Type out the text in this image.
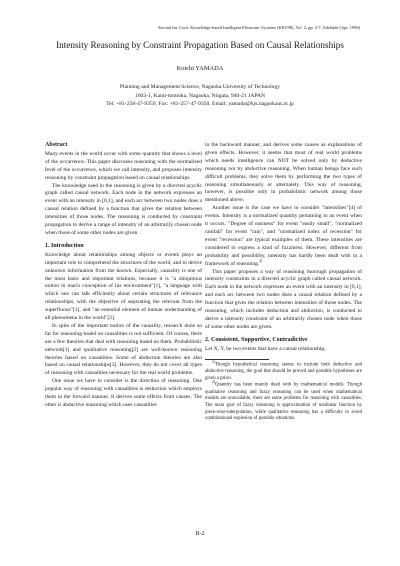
Second Int. Conf. Knowledge-based Intelligent Electronic Systems (KES'98), Vol. 2, pp. 2-7, Adelaide (Apr. 1998)
Intensity Reasoning by Constraint Propagation Based on Causal Relationships
Koichi YAMADA
Planning and Management Science, Nagaoka University of Technology
1603-1, Kami-tomioka, Nagaoka, Niigata, 940-21 JAPAN
Tel: +81-258-47-9359, Fax: +81-257-47-9350, Email: yamada@kjs.nagaokaut.ac.jp
Abstract

Many events in the world occur with some quantity that shows a level of the occurrence. This paper discusses reasoning with the normalized level of the occurrence, which we call intensity, and proposes intensity reasoning by constraint propagation based on causal relationships.

The knowledge used in the reasoning is given by a directed acyclic graph called causal network. Each node in the network expresses an event with an intensity in [0,1], and each arc between two nodes does a causal relation defined by a function that gives the relation between intensities of those nodes. The reasoning is conducted by constraint propagation to derive a range of intensity of an arbitrarily chosen node when those of some other nodes are given.

1. Introduction

Knowledge about relationships among objects or events plays an important role to comprehend the structures of the world, and to derive unknown information from the known. Especially, causality is one of the most basic and important relations, because it is "a ubiquitous notion in man's conception of his environment"[1], "a language with which one can talk efficiently about certain structures of relevance relationships, with the objective of separating the relevant from the superfluous"[1], and "an essential element of human understanding of all phenomena in the world"[2].

In spite of the important notion of the causality, research done so far for reasoning based on causalities is not sufficient. Of course, there are a few theories that deal with reasoning based on them. Probabilistic network[1] and qualitative reasoning[2] are well-known reasoning theories based on causalities. Some of abduction theories are also based on causal relationships[3]. However, they do not cover all types of reasoning with causalities necessary for the real world problems.

One issue we have to consider is the direction of reasoning. One popular way of reasoning with causalities is deduction which employs them in the forward manner. It derives some effects from causes. The other is abductive reasoning which uses causalities

in the backward manner, and derives some causes as explanations of given effects. However, it seems that most of real world problems which needs intelligence can NOT be solved only by deductive reasoning nor by abductive reasoning. When human beings face such difficult problems, they solve them by performing the two types of reasoning simultaneously or alternately. This way of reasoning, however, is possible only in probabilistic network among those mentioned above.

Another issue is the case we have to consider "intensities"[4] of events. Intensity is a normalized quantity pertaining to an event when it occurs. "Degree of easiness" for event "easily small", "normalized rainfall" for event "rain", and "normalized index of recession" for event "recession" are typical examples of them. These intensities are considered to express a kind of fuzziness. However, different from probability and possibility, intensity has hardly been dealt with in a framework of reasoning.$^{2)}$

This paper proposes a way of reasoning thorough propagation of intensity constraints in a directed acyclic graph called causal network. Each node in the network expresses an event with an intensity in [0,1], and each arc between two nodes does a causal relation defined by a function that gives the relation between intensities of those nodes. The reasoning, which includes deduction and abduction, is conducted to derive a intensity constraint of an arbitrarily chosen node when those of some other nodes are given.

2. Consistent, Supportive, Contradictive

Let X, Y, be two events that have a causal relationship,

$^{1)}$Though hypothetical reasoning seems to include both deductive and abductive reasoning, the goal that should be proved and possible hypotheses are given a priori.

$^{2)}$Quantity has been mainly dealt with by mathematical models. Though qualitative reasoning and fuzzy reasoning can be used when mathematical models are unavailable, there are some problems for reasoning with causalities. The main goal of fuzzy reasoning is approximation of nonlinear function by piece-wise-interpolation, while qualitative reasoning has a difficulty to avoid combinational explosion of possible situations.

B-2
